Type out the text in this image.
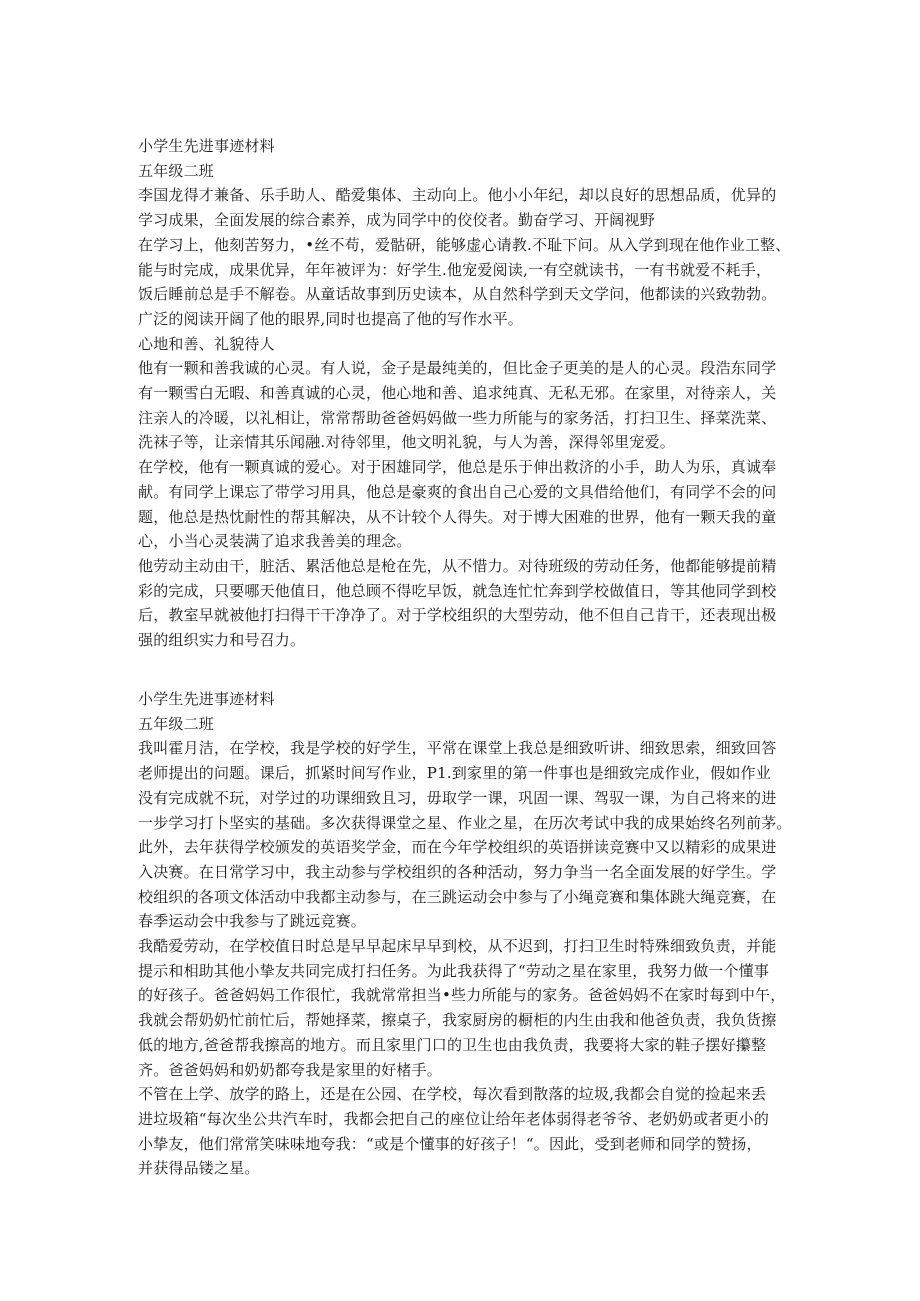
小学生先进事迹材料

五年级二班

李国龙得才兼备、乐手助人、酷爱集体、主动向上。他小小年纪，却以良好的思想品质，优异的

学习成果，全面发展的综合素养，成为同学中的佼佼者。勤奋学习、开阔视野

在学习上，他刻苦努力，•丝不苟，爱骷研，能够虚心请教.不耻下问。从入学到现在他作业工整、

能与时完成，成果优异，年年被评为：好学生.他宠爱阅读,一有空就读书，一有书就爱不耗手，

饭后睡前总是手不解卷。从童话故事到历史读本，从自然科学到天文学问，他都读的兴致勃勃。

广泛的阅读开阔了他的眼界,同时也提高了他的写作水平。

心地和善、礼貌待人

他有一颗和善我诚的心灵。有人说，金子是最纯美的，但比金子更美的是人的心灵。段浩东同学

有一颗雪白无暇、和善真诚的心灵，他心地和善、追求纯真、无私无邪。在家里，对待亲人，关

注亲人的冷暖，以礼相让，常常帮助爸爸妈妈做一些力所能与的家务活，打扫卫生、择菜洗菜、

洗袜子等，让亲情其乐闻融.对待邻里，他文明礼貌，与人为善，深得邻里宠爱。

在学校，他有一颗真诚的爱心。对于困雄同学，他总是乐于伸出救济的小手，助人为乐，真诚奉

献。有同学上课忘了带学习用具，他总是豪爽的食出自己心爱的文具借给他们，有同学不会的问

题，他总是热忱耐性的帮其解决，从不计较个人得失。对于博大困难的世界，他有一颗天我的童

心，小当心灵装满了追求我善美的理念。

他劳动主动由干，脏活、累活他总是枪在先，从不惜力。对待班级的劳动任务，他都能够提前精

彩的完成，只要哪天他值日，他总顾不得吃早饭，就急连忙忙奔到学校做值日，等其他同学到校

后，教室早就被他打扫得干干净净了。对于学校组织的大型劳动，他不但自己肯干，还表现出极

强的组织实力和号召力。

小学生先进事迹材料

五年级二班

我叫霍月洁，在学校，我是学校的好学生，平常在课堂上我总是细致听讲、细致思索，细致回答

老师提出的问题。课后，抓紧时间写作业，P1.到家里的第一件事也是细致完成作业，假如作业

没有完成就不玩，对学过的功课细致且习，毋取学一课，巩固一课、驾驭一课，为自己将来的进

一步学习打卜坚实的基础。多次获得课堂之星、作业之星，在历次考试中我的成果始终名列前茅。

此外，去年获得学校颁发的英语奖学金，而在今年学校组织的英语拼读竞赛中又以精彩的成果进

入决赛。在日常学习中，我主动参与学校组织的各种活动，努力争当一名全面发展的好学生。学

校组织的各项文体活动中我都主动参与，在三跳运动会中参与了小绳竞赛和集体跳大绳竞赛，在

春季运动会中我参与了跳远竞赛。

我酷爱劳动，在学校值日时总是早早起床早早到校，从不迟到，打扫卫生时特殊细致负责，并能

提示和相助其他小挚友共同完成打扫任务。为此我获得了“劳动之星在家里，我努力做一个懂事

的好孩子。爸爸妈妈工作很忙，我就常常担当•些力所能与的家务。爸爸妈妈不在家时每到中午，

我就会帮奶奶忙前忙后，帮她择菜，擦桌子，我家厨房的橱柜的内生由我和他爸负责，我负货擦

低的地方,爸爸帮我擦高的地方。而且家里门口的卫生也由我负责，我要将大家的鞋子摆好攥整

齐。爸爸妈妈和奶奶都夸我是家里的好楮手。

不管在上学、放学的路上，还是在公园、在学校，每次看到散落的垃圾,我都会自觉的捡起来丢

进垃圾箱“每次坐公共汽车时，我都会把自己的座位让给年老体弱得老爷爷、老奶奶或者更小的

小挚友，他们常常笑味味地夸我：“或是个懂事的好孩子！“。因此，受到老师和同学的赞扬，

并获得品镂之星。
